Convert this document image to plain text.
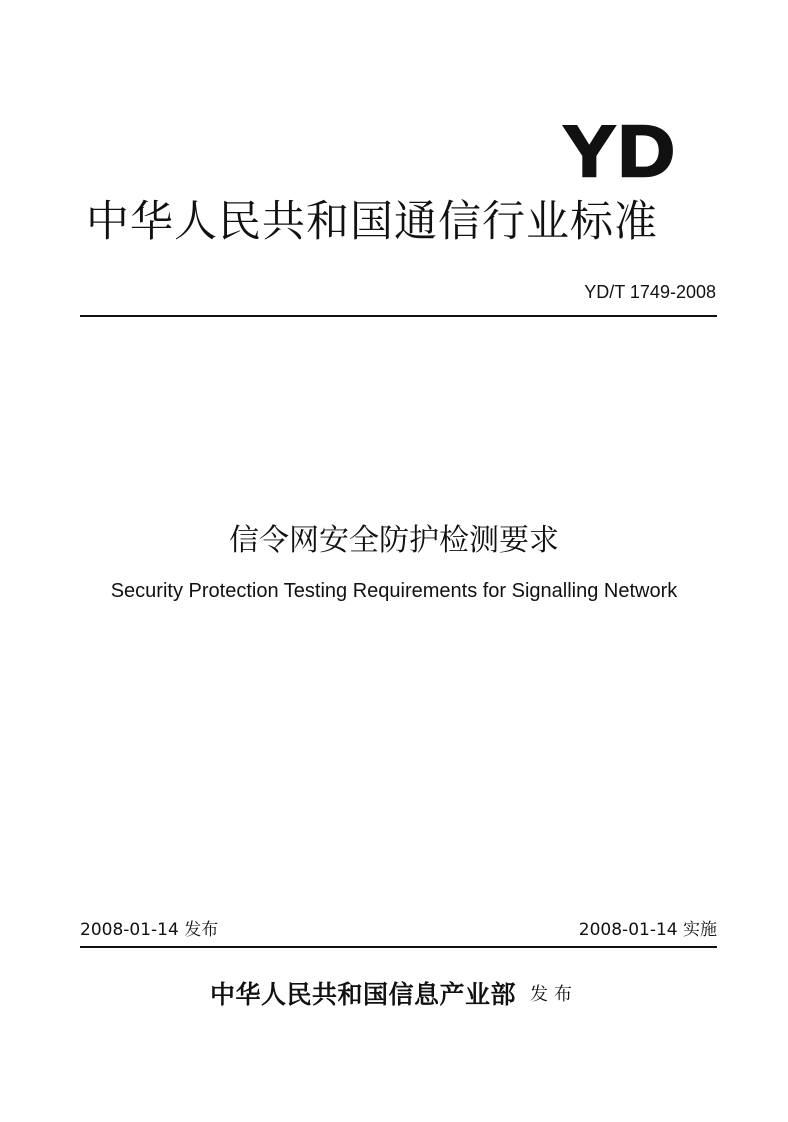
YD
中华人民共和国通信行业标准
YD/T 1749-2008
信令网安全防护检测要求
Security Protection Testing Requirements for Signalling Network
2008-01-14 发布	2008-01-14 实施
中华人民共和国信息产业部 发布
